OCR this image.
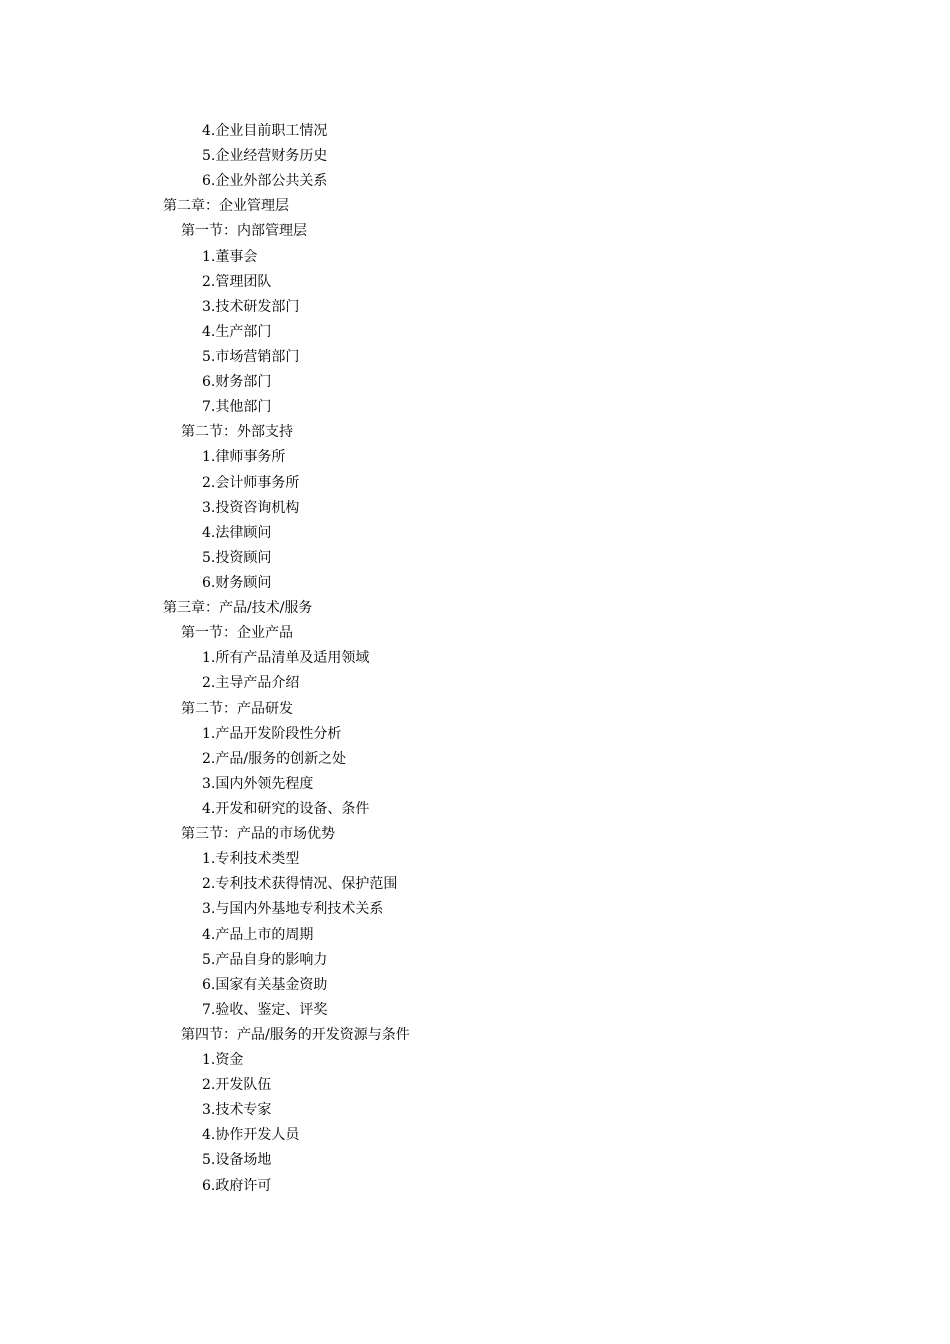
4.企业目前职工情况
5.企业经营财务历史
6.企业外部公共关系
第二章：企业管理层
第一节：内部管理层
1.董事会
2.管理团队
3.技术研发部门
4.生产部门
5.市场营销部门
6.财务部门
7.其他部门
第二节：外部支持
1.律师事务所
2.会计师事务所
3.投资咨询机构
4.法律顾问
5.投资顾问
6.财务顾问
第三章：产品/技术/服务
第一节：企业产品
1.所有产品清单及适用领域
2.主导产品介绍
第二节：产品研发
1.产品开发阶段性分析
2.产品/服务的创新之处
3.国内外领先程度
4.开发和研究的设备、条件
第三节：产品的市场优势
1.专利技术类型
2.专利技术获得情况、保护范围
3.与国内外基地专利技术关系
4.产品上市的周期
5.产品自身的影响力
6.国家有关基金资助
7.验收、鉴定、评奖
第四节：产品/服务的开发资源与条件
1.资金
2.开发队伍
3.技术专家
4.协作开发人员
5.设备场地
6.政府许可
